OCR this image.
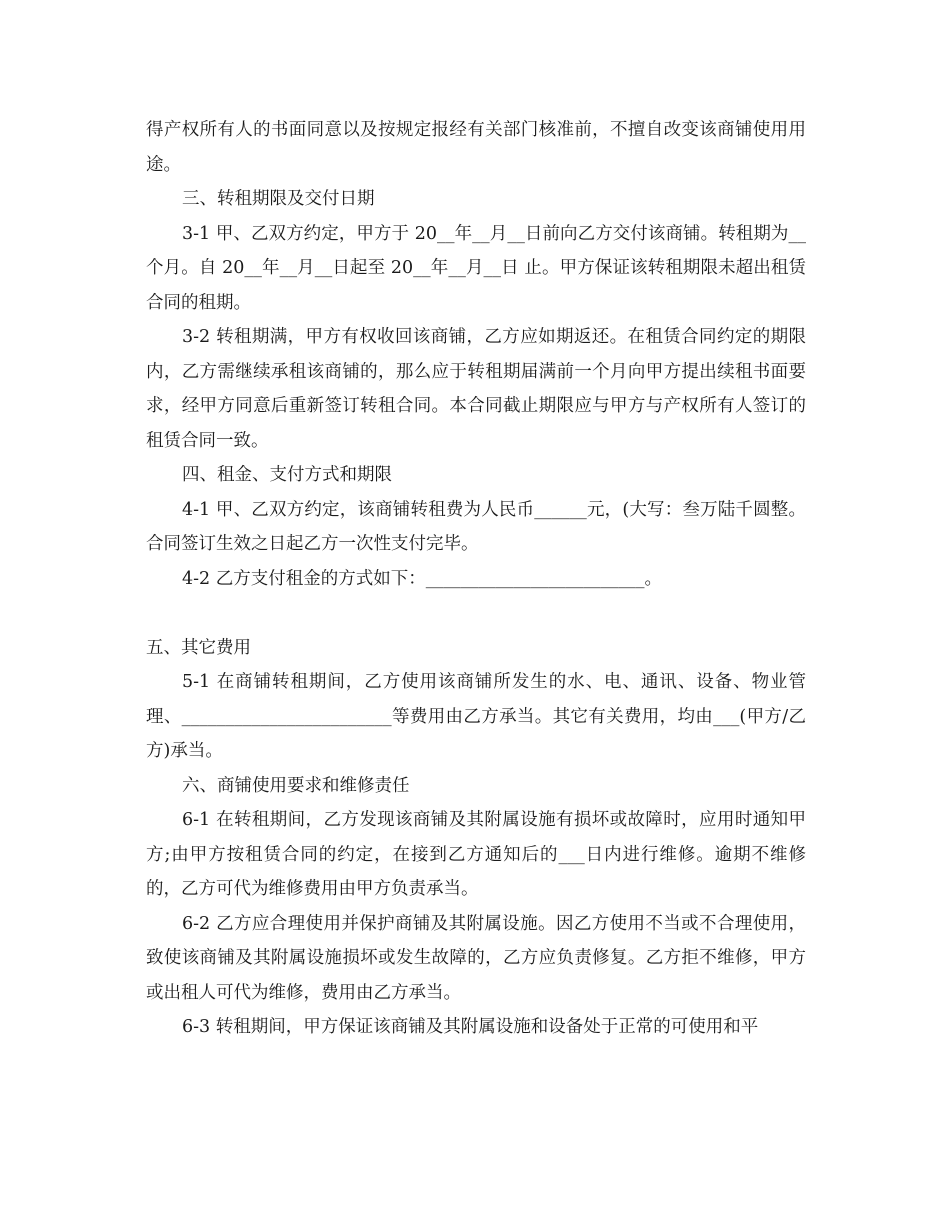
得产权所有人的书面同意以及按规定报经有关部门核准前，不擅自改变该商铺使用用途。

三、转租期限及交付日期

3-1 甲、乙双方约定，甲方于 20__年__月__日前向乙方交付该商铺。转租期为__个月。自 20__年__月__日起至 20__年__月__日 止。甲方保证该转租期限未超出租赁合同的租期。

3-2 转租期满，甲方有权收回该商铺，乙方应如期返还。在租赁合同约定的期限内，乙方需继续承租该商铺的，那么应于转租期届满前一个月向甲方提出续租书面要求，经甲方同意后重新签订转租合同。本合同截止期限应与甲方与产权所有人签订的租赁合同一致。

四、租金、支付方式和期限

4-1 甲、乙双方约定，该商铺转租费为人民币______元，(大写：叁万陆千圆整。合同签订生效之日起乙方一次性支付完毕。

4-2 乙方支付租金的方式如下：_________________________。

五、其它费用

5-1 在商铺转租期间，乙方使用该商铺所发生的水、电、通讯、设备、物业管理、________________________等费用由乙方承当。其它有关费用，均由___(甲方/乙方)承当。

六、商铺使用要求和维修责任

6-1 在转租期间，乙方发现该商铺及其附属设施有损坏或故障时，应用时通知甲方;由甲方按租赁合同的约定，在接到乙方通知后的___日内进行维修。逾期不维修的，乙方可代为维修费用由甲方负责承当。

6-2 乙方应合理使用并保护商铺及其附属设施。因乙方使用不当或不合理使用，致使该商铺及其附属设施损坏或发生故障的，乙方应负责修复。乙方拒不维修，甲方或出租人可代为维修，费用由乙方承当。

6-3 转租期间，甲方保证该商铺及其附属设施和设备处于正常的可使用和平
